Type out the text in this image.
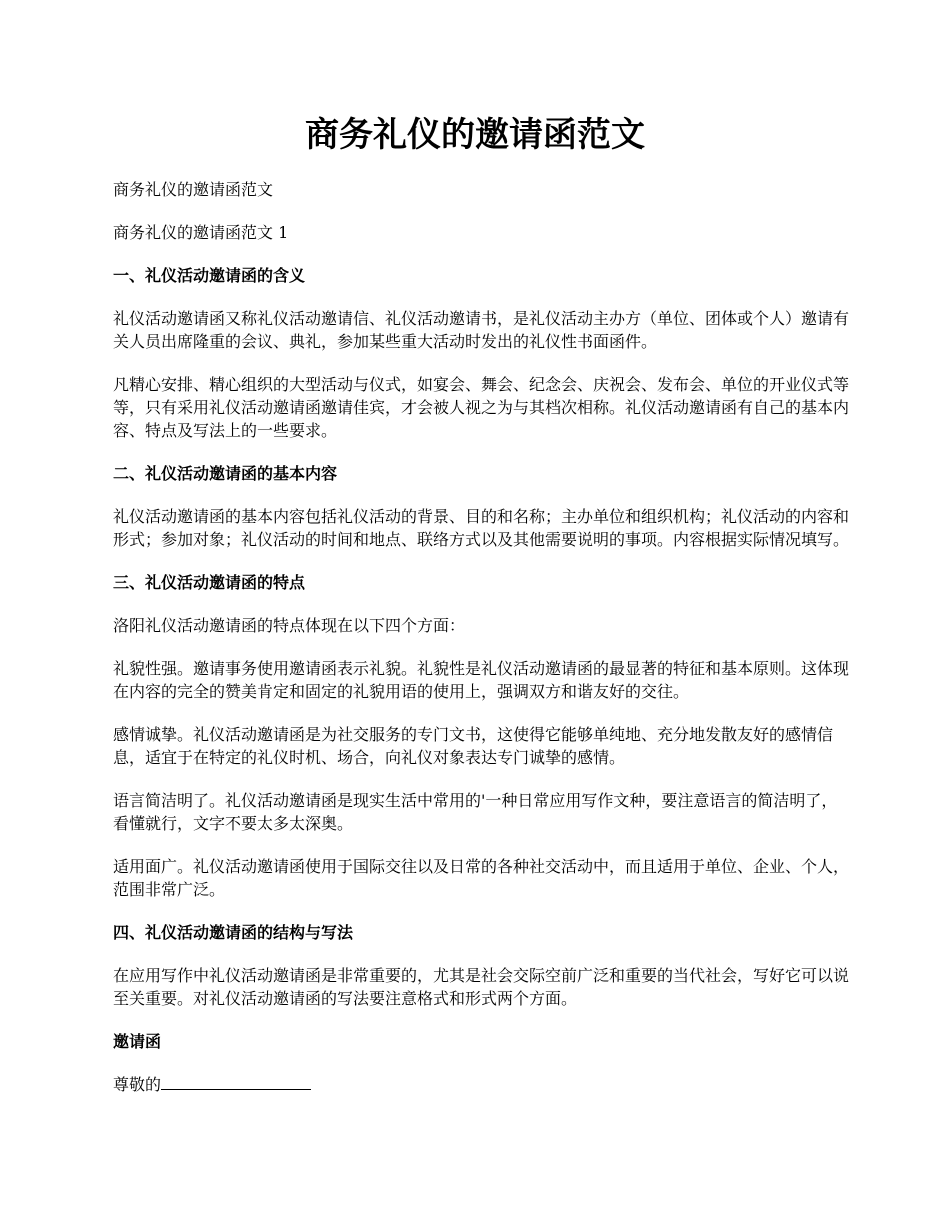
商务礼仪的邀请函范文

商务礼仪的邀请函范文

商务礼仪的邀请函范文 1

一、礼仪活动邀请函的含义

礼仪活动邀请函又称礼仪活动邀请信、礼仪活动邀请书，是礼仪活动主办方（单位、团体或个人）邀请有关人员出席隆重的会议、典礼，参加某些重大活动时发出的礼仪性书面函件。

凡精心安排、精心组织的大型活动与仪式，如宴会、舞会、纪念会、庆祝会、发布会、单位的开业仪式等等，只有采用礼仪活动邀请函邀请佳宾，才会被人视之为与其档次相称。礼仪活动邀请函有自己的基本内容、特点及写法上的一些要求。

二、礼仪活动邀请函的基本内容

礼仪活动邀请函的基本内容包括礼仪活动的背景、目的和名称；主办单位和组织机构；礼仪活动的内容和形式；参加对象；礼仪活动的时间和地点、联络方式以及其他需要说明的事项。内容根据实际情况填写。

三、礼仪活动邀请函的特点

洛阳礼仪活动邀请函的特点体现在以下四个方面：

礼貌性强。邀请事务使用邀请函表示礼貌。礼貌性是礼仪活动邀请函的最显著的特征和基本原则。这体现在内容的完全的赞美肯定和固定的礼貌用语的使用上，强调双方和谐友好的交往。

感情诚挚。礼仪活动邀请函是为社交服务的专门文书，这使得它能够单纯地、充分地发散友好的感情信息，适宜于在特定的礼仪时机、场合，向礼仪对象表达专门诚挚的感情。

语言简洁明了。礼仪活动邀请函是现实生活中常用的'一种日常应用写作文种，要注意语言的简洁明了，看懂就行，文字不要太多太深奥。

适用面广。礼仪活动邀请函使用于国际交往以及日常的各种社交活动中，而且适用于单位、企业、个人，范围非常广泛。

四、礼仪活动邀请函的结构与写法

在应用写作中礼仪活动邀请函是非常重要的，尤其是社会交际空前广泛和重要的当代社会，写好它可以说至关重要。对礼仪活动邀请函的写法要注意格式和形式两个方面。

邀请函

尊敬的
